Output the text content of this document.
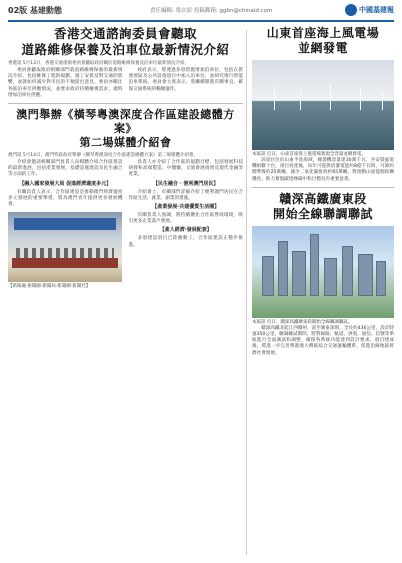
02版 基建動態	責任編輯: 梁衣原 投稿郵箱: ggbn@chinaid.com	中國基建報
香港交通諮詢委員會聽取
道路維修保養及泊車位最新情況介紹
香港訊 5月13日，香港交通諮詢委員會聽取政府關於道路維修保養及泊車位最新情況介紹。

委員會聽取政府相關部門就道路維修保養的最新情況介紹，包括維修工程的規劃、施工安排及對交通的影響，並就如何減少對市民的不便提出意見。委員亦關注各區泊車位供應情況，並要求政府持續檢視需求，適時增加泊車位供應。

政府表示，將透過多項措施增加泊車位，包括在新發展區及公共設施項目中加入泊車位，並研究推行智能泊車系統。委員會主席表示，將繼續跟進有關事宜，確保交通系統的暢順運作。

澳門舉辦《橫琴粵澳深度合作區建設總體方案》
第二場媒體介紹會
澳門訊 5月14日，澳門特區政府舉辦《橫琴粵澳深度合作區建設總體方案》第二場媒體介紹會。

介紹會邀請相關部門負責人向媒體介紹合作區建設的最新進展，包括產業發展、基礎設施建設及民生融合等方面的工作。

【融入國家發展大局 促進經濟適度多元】

有關負責人表示，合作區建設是推動澳門經濟適度多元發展的重要舉措，將為澳門青年提供更多發展機會。

【新聞處·新聞圖·新聞局·新聞網·新聞社】

負責人亦介紹了合作區的規劃目標，包括發展科技研發和高端製造、中醫藥、文旅會展商貿及現代金融等產業。

【民生融合 · 便利澳門居民】

介紹會上，有關部門詳細介紹了便利澳門居民在合作區生活、就業、創業的措施。

【產業發展·共建優質生活圈】

有關負責人強調，將持續優化合作區營商環境，吸引更多企業落戶發展。

【產人經濟·發展配套】

多項建設項目已陸續動工，合作區建設正穩步推進。

山東首座海上風電場
並網發電
本報訊 近日，山東首座海上風電場實現全容量並網發電。

該項目位於山東半島海域，總裝機容量達30萬千瓦，共安裝風電機組數十台。項目投產後，每年可提供清潔電能約8億千瓦時，可節約標準煤約25萬噸，減少二氧化碳排放約65萬噸，對推動山東能源結構優化、助力實現碳達峰碳中和目標具有重要意義。

贛深高鐵廣東段
開始全線聯調聯試
本報訊 近日，贛深高鐵廣東段開始全線聯調聯試。

贛深高鐵北起江西贛州，南至廣東深圳，全長約436公里，設計時速350公里。聯調聯試期間，將對線路、軌道、供電、通信、信號等系統進行全面測試和調整，確保各系統功能達到設計要求。項目建成後，將進一步完善粵港澳大灣區綜合交通運輸體系，促進沿線地區經濟社會發展。
